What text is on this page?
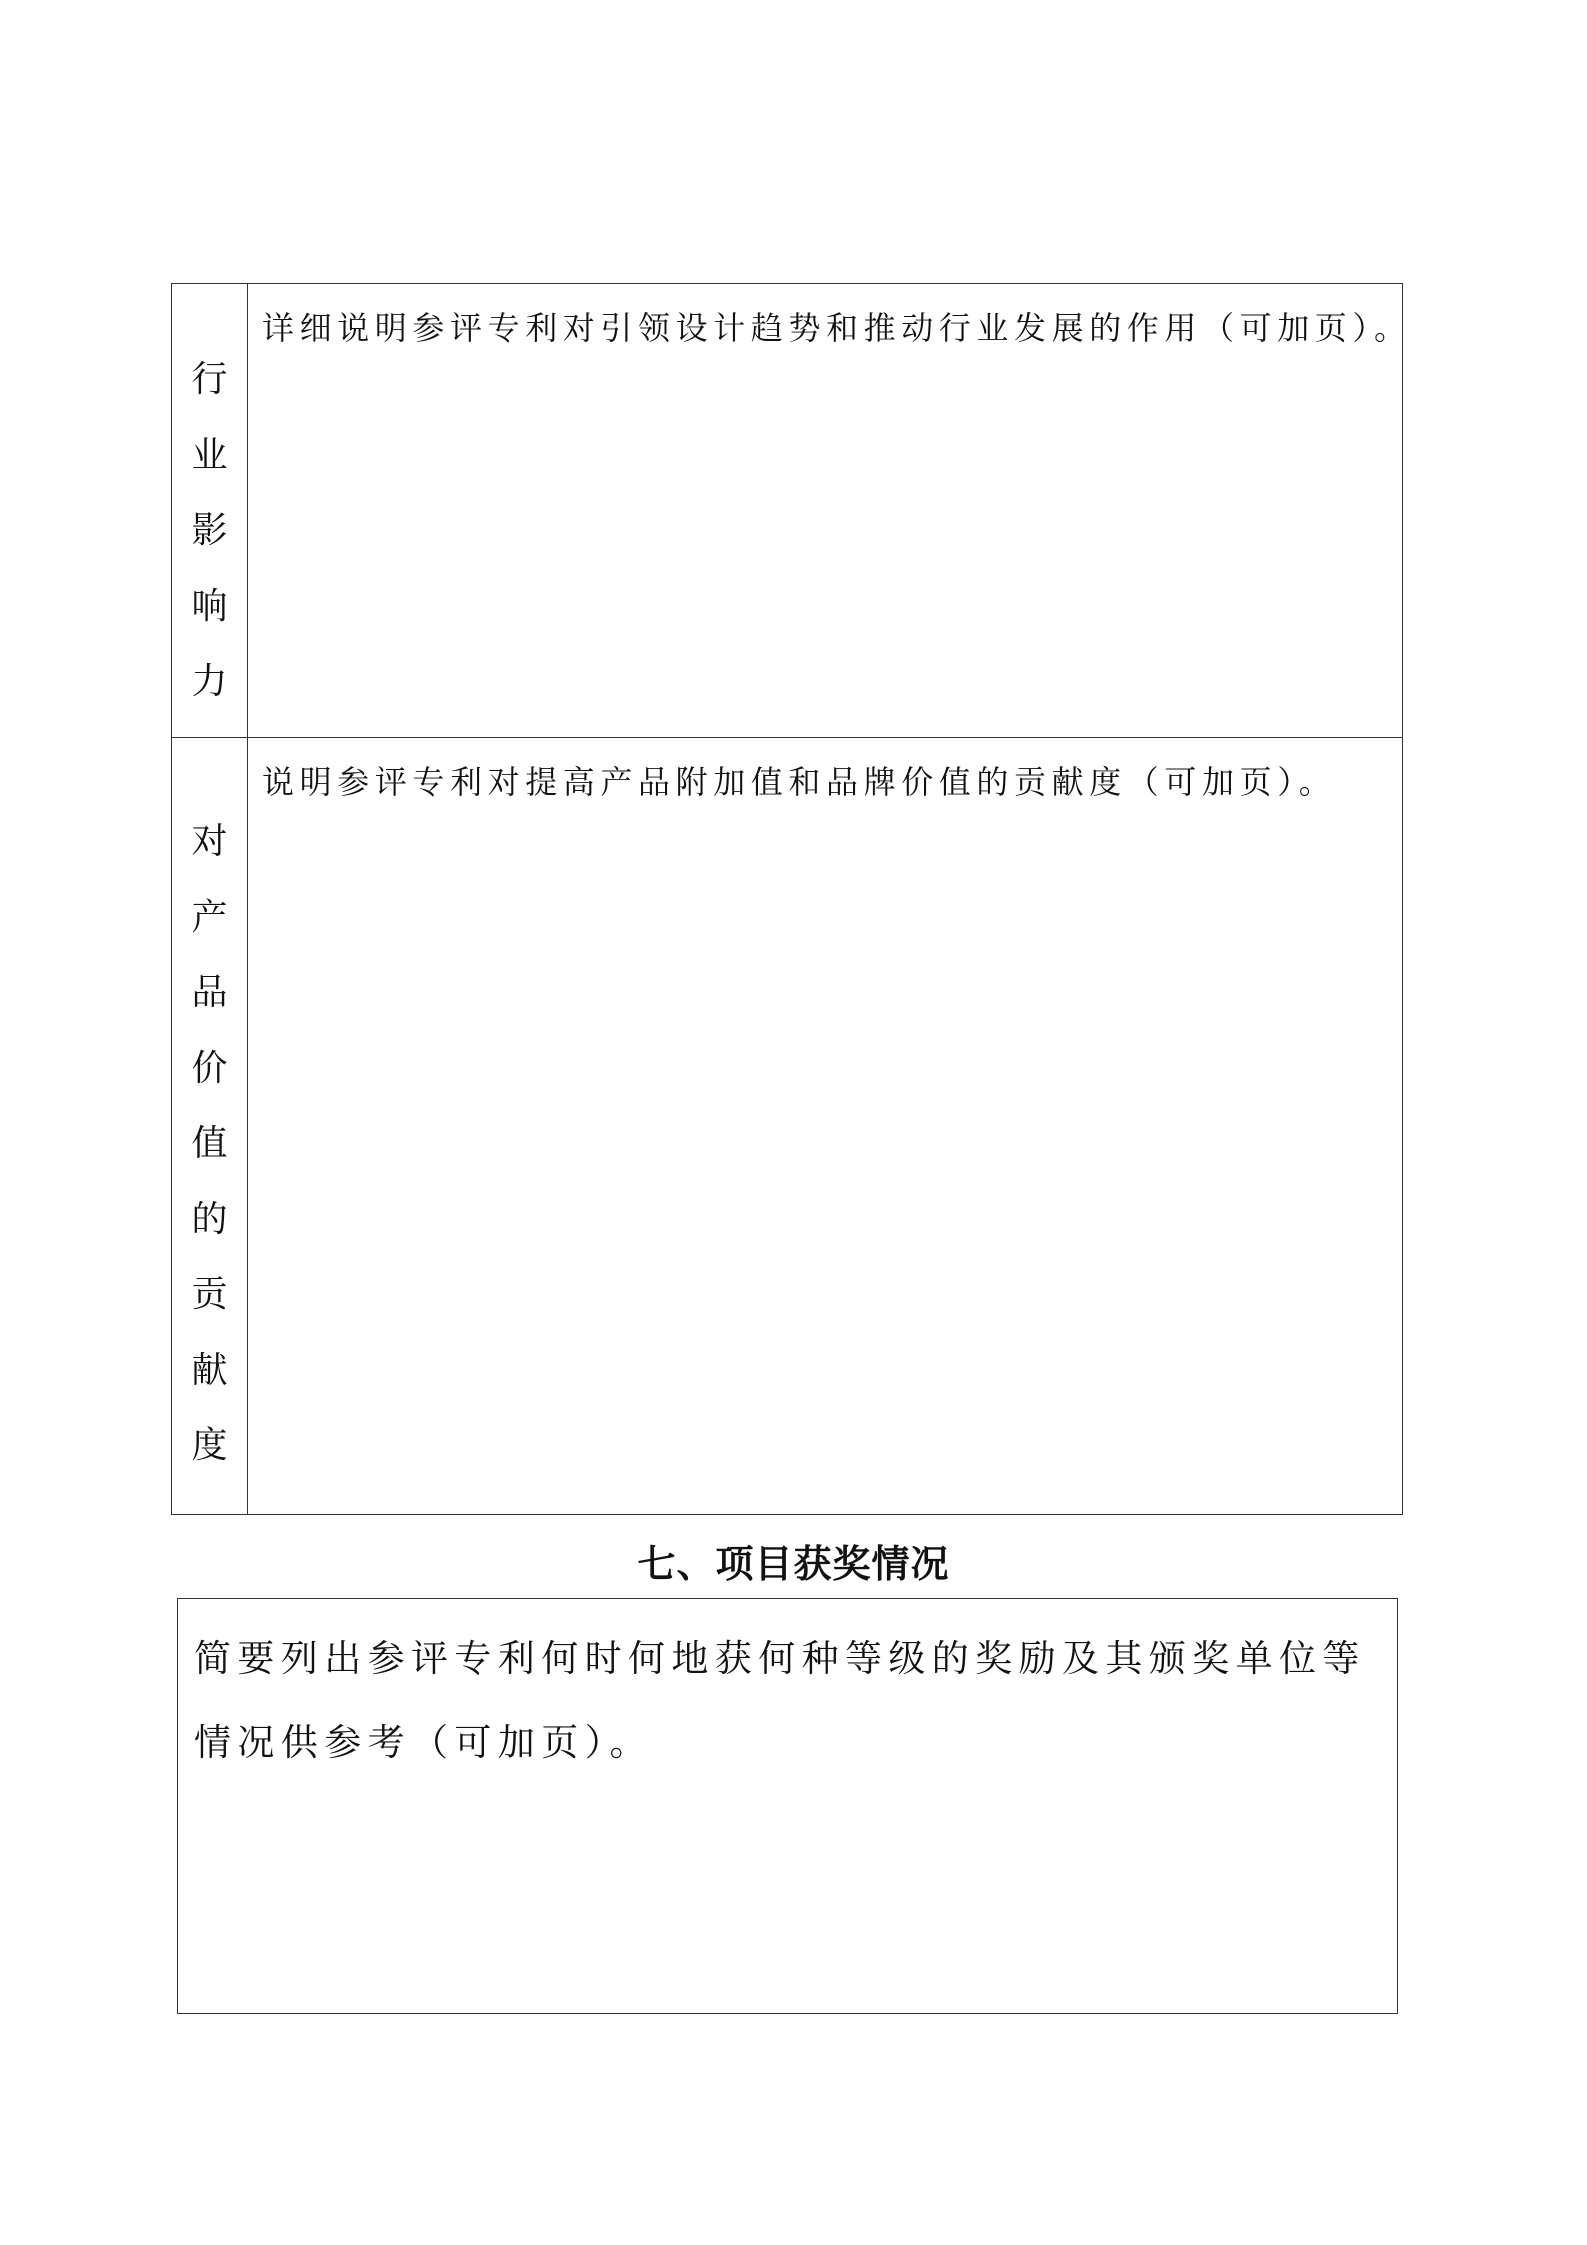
行
业
影
响
力
详细说明参评专利对引领设计趋势和推动行业发展的作用（可加页）。
对
产
品
价
值
的
贡
献
度
说明参评专利对提高产品附加值和品牌价值的贡献度（可加页）。
七、项目获奖情况
简要列出参评专利何时何地获何种等级的奖励及其颁奖单位等情况供参考（可加页）。
